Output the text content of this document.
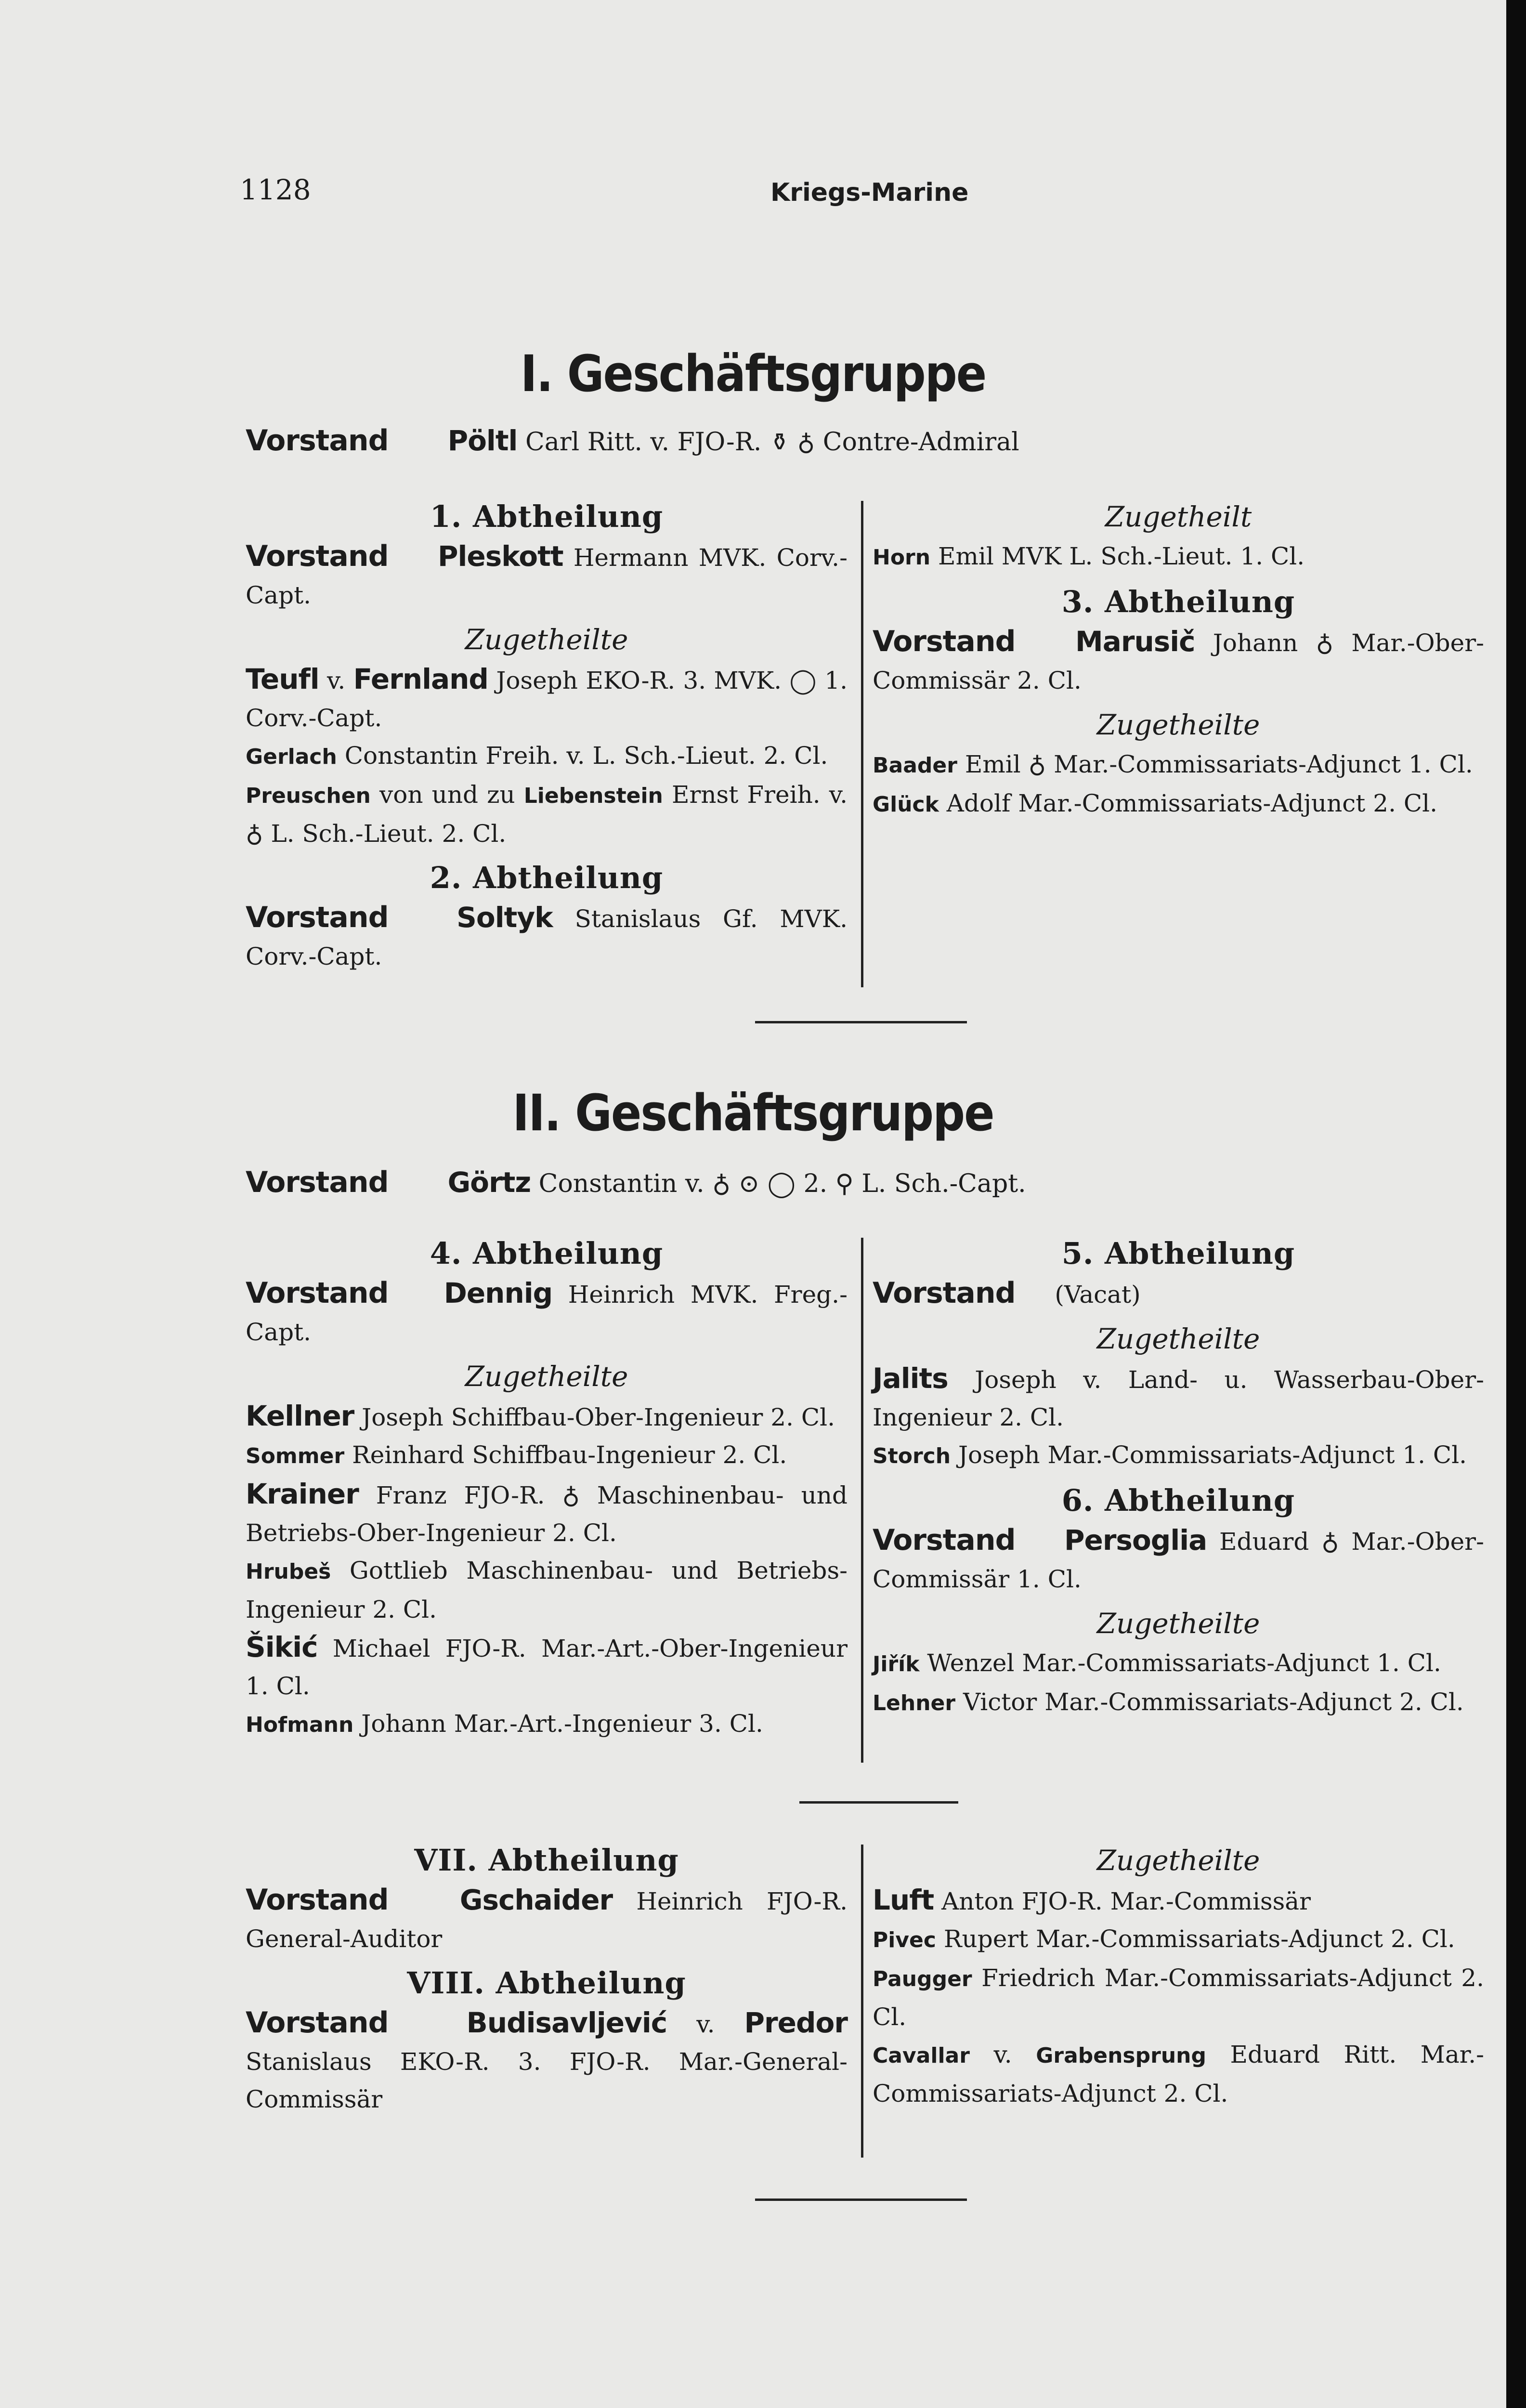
1128	Kriegs-Marine
I. Geschäftsgruppe
Vorstand Pöltl Carl Ritt. v. FJO-R. ⚱ ♁ Contre-Admiral
1. Abtheilung

Vorstand Pleskott Hermann MVK. Corv.-Capt.

Zugetheilte

Teufl v. Fernland Joseph EKO-R. 3. MVK. ◯ 1. Corv.-Capt.

Gerlach Constantin Freih. v. L. Sch.-Lieut. 2. Cl.

Preuschen von und zu Liebenstein Ernst Freih. v. ♁ L. Sch.-Lieut. 2. Cl.

2. Abtheilung

Vorstand Soltyk Stanislaus Gf. MVK. Corv.-Capt.

Zugetheilt

Horn Emil MVK L. Sch.-Lieut. 1. Cl.

3. Abtheilung

Vorstand Marusič Johann ♁ Mar.-Ober-Commissär 2. Cl.

Zugetheilte

Baader Emil ♁ Mar.-Commissariats-Adjunct 1. Cl.

Glück Adolf Mar.-Commissariats-Adjunct 2. Cl.

II. Geschäftsgruppe
Vorstand Görtz Constantin v. ♁ ⊙ ◯ 2. ⚲ L. Sch.-Capt.
4. Abtheilung

Vorstand Dennig Heinrich MVK. Freg.-Capt.

Zugetheilte

Kellner Joseph Schiffbau-Ober-Ingenieur 2. Cl.

Sommer Reinhard Schiffbau-Ingenieur 2. Cl.

Krainer Franz FJO-R. ♁ Maschinenbau- und Betriebs-Ober-Ingenieur 2. Cl.

Hrubeš Gottlieb Maschinenbau- und Betriebs-Ingenieur 2. Cl.

Šikić Michael FJO-R. Mar.-Art.-Ober-Ingenieur 1. Cl.

Hofmann Johann Mar.-Art.-Ingenieur 3. Cl.

5. Abtheilung

Vorstand (Vacat)

Zugetheilte

Jalits Joseph v. Land- u. Wasserbau-Ober-Ingenieur 2. Cl.

Storch Joseph Mar.-Commissariats-Adjunct 1. Cl.

6. Abtheilung

Vorstand Persoglia Eduard ♁ Mar.-Ober-Commissär 1. Cl.

Zugetheilte

Jiřík Wenzel Mar.-Commissariats-Adjunct 1. Cl.

Lehner Victor Mar.-Commissariats-Adjunct 2. Cl.

VII. Abtheilung

Vorstand	Gschaider Heinrich FJO-R. General-Auditor

VIII. Abtheilung

Vorstand	Budisavljević v. Predor Stanislaus EKO-R. 3. FJO-R. Mar.-General-Commissär

Zugetheilte

Luft Anton FJO-R. Mar.-Commissär

Pivec Rupert Mar.-Commissariats-Adjunct 2. Cl.

Paugger Friedrich Mar.-Commissariats-Adjunct 2. Cl.

Cavallar v. Grabensprung Eduard Ritt. Mar.-Commissariats-Adjunct 2. Cl.
